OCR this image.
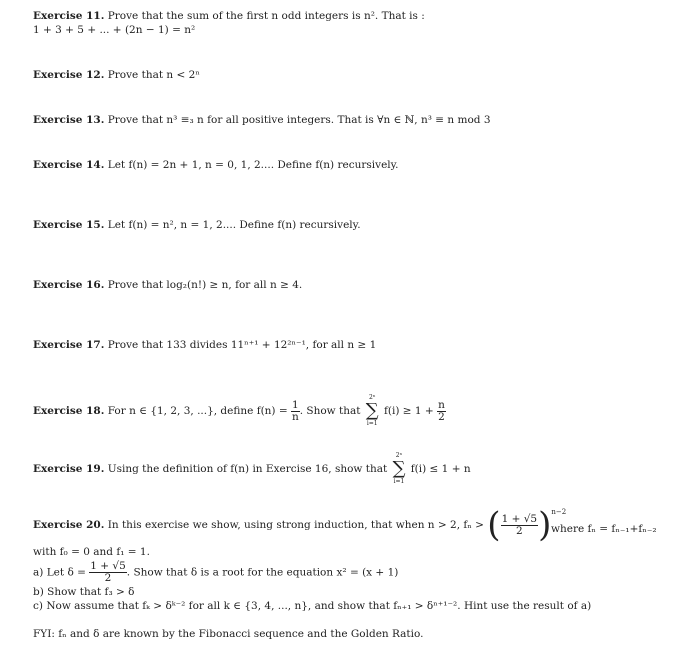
Exercise 11. Prove that the sum of the first n odd integers is n². That is :
1 + 3 + 5 + ... + (2n − 1) = n²
Exercise 12. Prove that n < 2ⁿ
Exercise 13. Prove that n³ ≡₃ n for all positive integers. That is ∀n ∈ ℕ, n³ ≡ n mod 3
Exercise 14. Let f(n) = 2n + 1, n = 0, 1, 2.... Define f(n) recursively.
Exercise 15. Let f(n) = n², n = 1, 2.... Define f(n) recursively.
Exercise 16. Prove that log₂(n!) ≥ n, for all n ≥ 4.
Exercise 17. Prove that 133 divides 11ⁿ⁺¹ + 12²ⁿ⁻¹, for all n ≥ 1
Exercise 18. For n ∈ {1, 2, 3, ...}, define $f(n) = \frac{1}{n}$ . Show that
2ⁿ
∑
i=1
$f(i) \ge 1 + \frac{n}{2}$
Exercise 19. Using the definition of f(n) in Exercise 16, show that
2ⁿ
∑
i=1
f(i) ≤ 1 + n
Exercise 20. In this exercise we show, using strong induction, that when n > 2, fₙ > ( $\frac{1 + √5}{2} )^{n-2}$
where fₙ = fₙ₋₁+fₙ₋₂
with f₀ = 0 and f₁ = 1.
a) Let $\delta = \frac{1 + √5}{2}$ . Show that δ is a root for the equation x² = (x + 1)
b) Show that f₃ > δ
c) Now assume that fₖ > δᵏ⁻² for all k ∈ {3, 4, ..., n}, and show that fₙ₊₁ > δⁿ⁺¹⁻². Hint use the result of a)
FYI: fₙ and δ are known by the Fibonacci sequence and the Golden Ratio.
